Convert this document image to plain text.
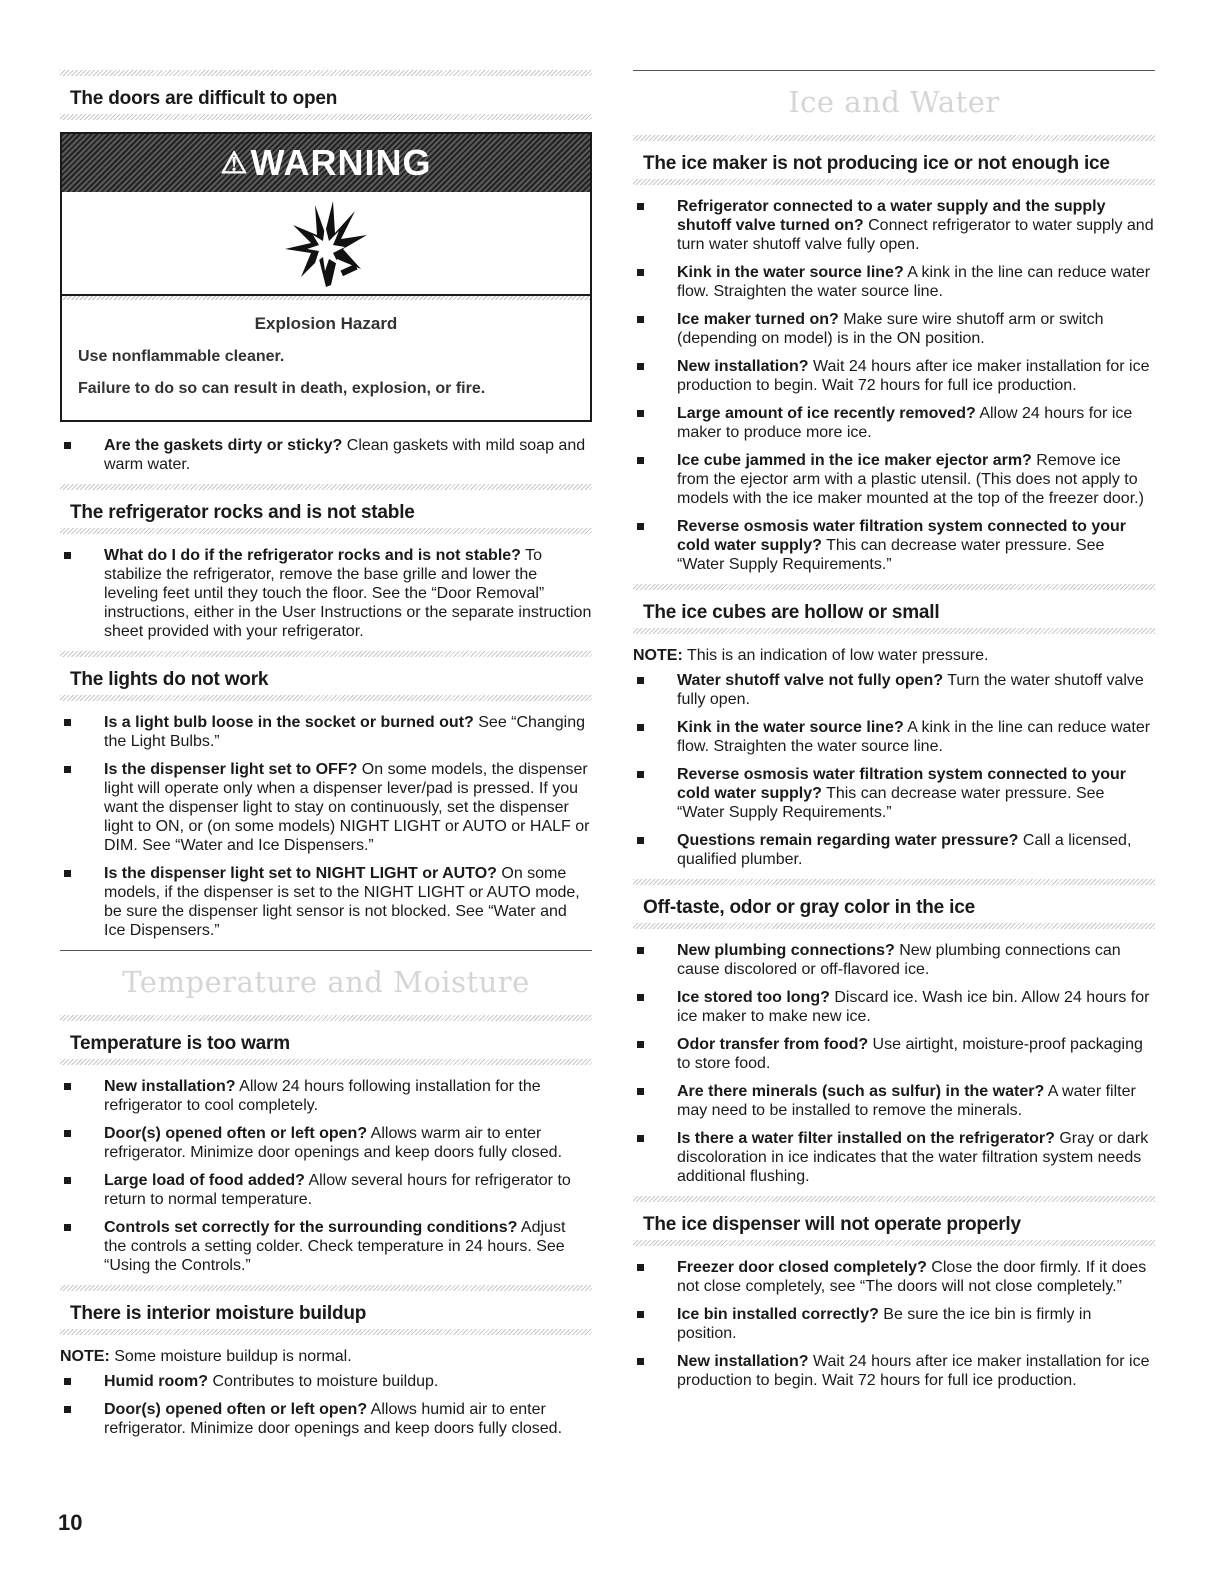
The doors are difficult to open
⚠ WARNING
Explosion Hazard

Use nonflammable cleaner.

Failure to do so can result in death, explosion, or fire.

Are the gaskets dirty or sticky? Clean gaskets with mild soap and warm water.
The refrigerator rocks and is not stable
What do I do if the refrigerator rocks and is not stable? To stabilize the refrigerator, remove the base grille and lower the leveling feet until they touch the floor. See the “Door Removal” instructions, either in the User Instructions or the separate instruction sheet provided with your refrigerator.
The lights do not work
Is a light bulb loose in the socket or burned out? See “Changing the Light Bulbs.”
Is the dispenser light set to OFF? On some models, the dispenser light will operate only when a dispenser lever/pad is pressed. If you want the dispenser light to stay on continuously, set the dispenser light to ON, or (on some models) NIGHT LIGHT or AUTO or HALF or DIM. See “Water and Ice Dispensers.”
Is the dispenser light set to NIGHT LIGHT or AUTO? On some models, if the dispenser is set to the NIGHT LIGHT or AUTO mode, be sure the dispenser light sensor is not blocked. See “Water and Ice Dispensers.”
Temperature and Moisture
Temperature is too warm
New installation? Allow 24 hours following installation for the refrigerator to cool completely.
Door(s) opened often or left open? Allows warm air to enter refrigerator. Minimize door openings and keep doors fully closed.
Large load of food added? Allow several hours for refrigerator to return to normal temperature.
Controls set correctly for the surrounding conditions? Adjust the controls a setting colder. Check temperature in 24 hours. See “Using the Controls.”
There is interior moisture buildup

NOTE: Some moisture buildup is normal.

Humid room? Contributes to moisture buildup.
Door(s) opened often or left open? Allows humid air to enter refrigerator. Minimize door openings and keep doors fully closed.
Ice and Water
The ice maker is not producing ice or not enough ice
Refrigerator connected to a water supply and the supply shutoff valve turned on? Connect refrigerator to water supply and turn water shutoff valve fully open.
Kink in the water source line? A kink in the line can reduce water flow. Straighten the water source line.
Ice maker turned on? Make sure wire shutoff arm or switch (depending on model) is in the ON position.
New installation? Wait 24 hours after ice maker installation for ice production to begin. Wait 72 hours for full ice production.
Large amount of ice recently removed? Allow 24 hours for ice maker to produce more ice.
Ice cube jammed in the ice maker ejector arm? Remove ice from the ejector arm with a plastic utensil. (This does not apply to models with the ice maker mounted at the top of the freezer door.)
Reverse osmosis water filtration system connected to your cold water supply? This can decrease water pressure. See “Water Supply Requirements.”
The ice cubes are hollow or small

NOTE: This is an indication of low water pressure.

Water shutoff valve not fully open? Turn the water shutoff valve fully open.
Kink in the water source line? A kink in the line can reduce water flow. Straighten the water source line.
Reverse osmosis water filtration system connected to your cold water supply? This can decrease water pressure. See “Water Supply Requirements.”
Questions remain regarding water pressure? Call a licensed, qualified plumber.
Off-taste, odor or gray color in the ice
New plumbing connections? New plumbing connections can cause discolored or off-flavored ice.
Ice stored too long? Discard ice. Wash ice bin. Allow 24 hours for ice maker to make new ice.
Odor transfer from food? Use airtight, moisture-proof packaging to store food.
Are there minerals (such as sulfur) in the water? A water filter may need to be installed to remove the minerals.
Is there a water filter installed on the refrigerator? Gray or dark discoloration in ice indicates that the water filtration system needs additional flushing.
The ice dispenser will not operate properly
Freezer door closed completely? Close the door firmly. If it does not close completely, see “The doors will not close completely.”
Ice bin installed correctly? Be sure the ice bin is firmly in position.
New installation? Wait 24 hours after ice maker installation for ice production to begin. Wait 72 hours for full ice production.
10
